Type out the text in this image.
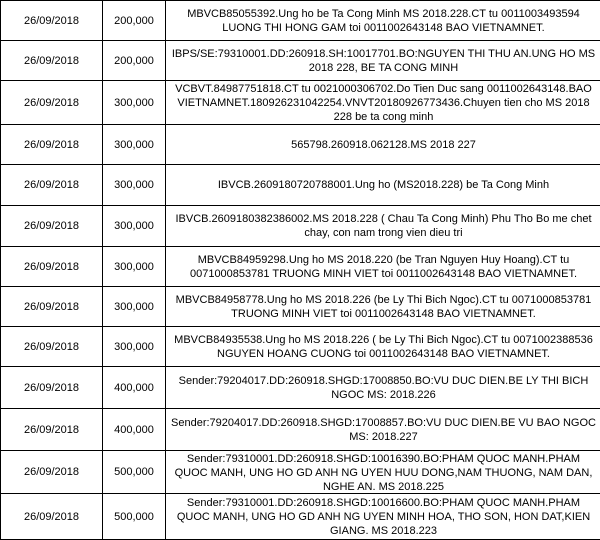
26/09/2018	200,000	MBVCB85055392.Ung ho be Ta Cong Minh MS 2018.228.CT tu 0011003493594 LUONG THI HONG GAM toi 0011002643148 BAO VIETNAMNET.

26/09/2018	200,000	IBPS/SE:79310001.DD:260918.SH:10017701.BO:NGUYEN THI THU AN.UNG HO MS 2018 228, BE TA CONG MINH

26/09/2018	300,000	VCBVT.84987751818.CT tu 0021000306702.Do Tien Duc sang 0011002643148.BAO VIETNAMNET.180926231042254.VNVT20180926773436.Chuyen tien cho MS 2018 228 be ta cong minh

26/09/2018	300,000	565798.260918.062128.MS 2018 227

26/09/2018	300,000	IBVCB.2609180720788001.Ung ho (MS2018.228) be Ta Cong Minh

26/09/2018	300,000	IBVCB.2609180382386002.MS 2018.228 ( Chau Ta Cong Minh) Phu Tho Bo me chet chay, con nam trong vien dieu tri

26/09/2018	300,000	MBVCB84959298.Ung ho MS 2018.220 (be Tran Nguyen Huy Hoang).CT tu 0071000853781 TRUONG MINH VIET toi 0011002643148 BAO VIETNAMNET.

26/09/2018	300,000	MBVCB84958778.Ung ho MS 2018.226 (be Ly Thi Bich Ngoc).CT tu 0071000853781 TRUONG MINH VIET toi 0011002643148 BAO VIETNAMNET.

26/09/2018	300,000	MBVCB84935538.Ung ho MS 2018.226 ( be Ly Thi Bich Ngoc).CT tu 0071002388536 NGUYEN HOANG CUONG toi 0011002643148 BAO VIETNAMNET.

26/09/2018	400,000	Sender:79204017.DD:260918.SHGD:17008850.BO:VU DUC DIEN.BE LY THI BICH NGOC MS: 2018.226

26/09/2018	400,000	Sender:79204017.DD:260918.SHGD:17008857.BO:VU DUC DIEN.BE VU BAO NGOC MS: 2018.227

26/09/2018	500,000	Sender:79310001.DD:260918.SHGD:10016390.BO:PHAM QUOC MANH.PHAM QUOC MANH, UNG HO GD ANH NG UYEN HUU DONG,NAM THUONG, NAM DAN, NGHE AN. MS 2018.225

26/09/2018	500,000	Sender:79310001.DD:260918.SHGD:10016600.BO:PHAM QUOC MANH.PHAM QUOC MANH, UNG HO GD ANH NG UYEN MINH HOA, THO SON, HON DAT,KIEN GIANG. MS 2018.223
